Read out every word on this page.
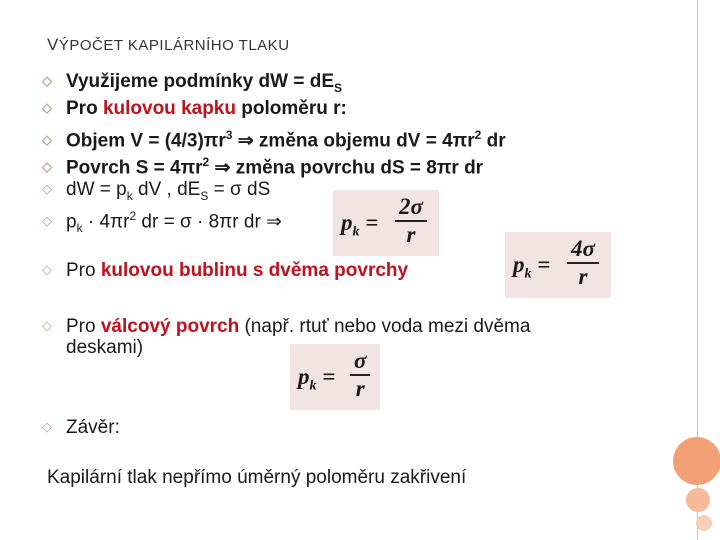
VÝPOČET KAPILÁRNÍHO TLAKU
◇ Využijeme podmínky dW = $dE_S$
◇ Pro kulovou kapku poloměru r:
◇ Objem $V = (4/3)\pi r^3$ ⇒ změna objemu dV = $4\pi r^2$ dr
◇ Povrch $S = 4\pi r^2$ ⇒ změna povrchu dS = 8πr dr
◇ dW = $p_k$ dV , $dE_S = \sigma$ dS
◇ $p_k \cdot 4\pi r^2$ dr = σ · 8πr dr ⇒	$p_k = \frac{2\sigma}{r}$
◇ Pro kulovou bublinu s dvěma povrchy	$p_k = \frac{4\sigma}{r}$
◇ Pro válcový povrch (např. rtuť nebo voda mezi dvěma
deskami)
$p_k = \frac{\sigma}{r}$
◇ Závěr:
Kapilární tlak nepřímo úměrný poloměru zakřivení
